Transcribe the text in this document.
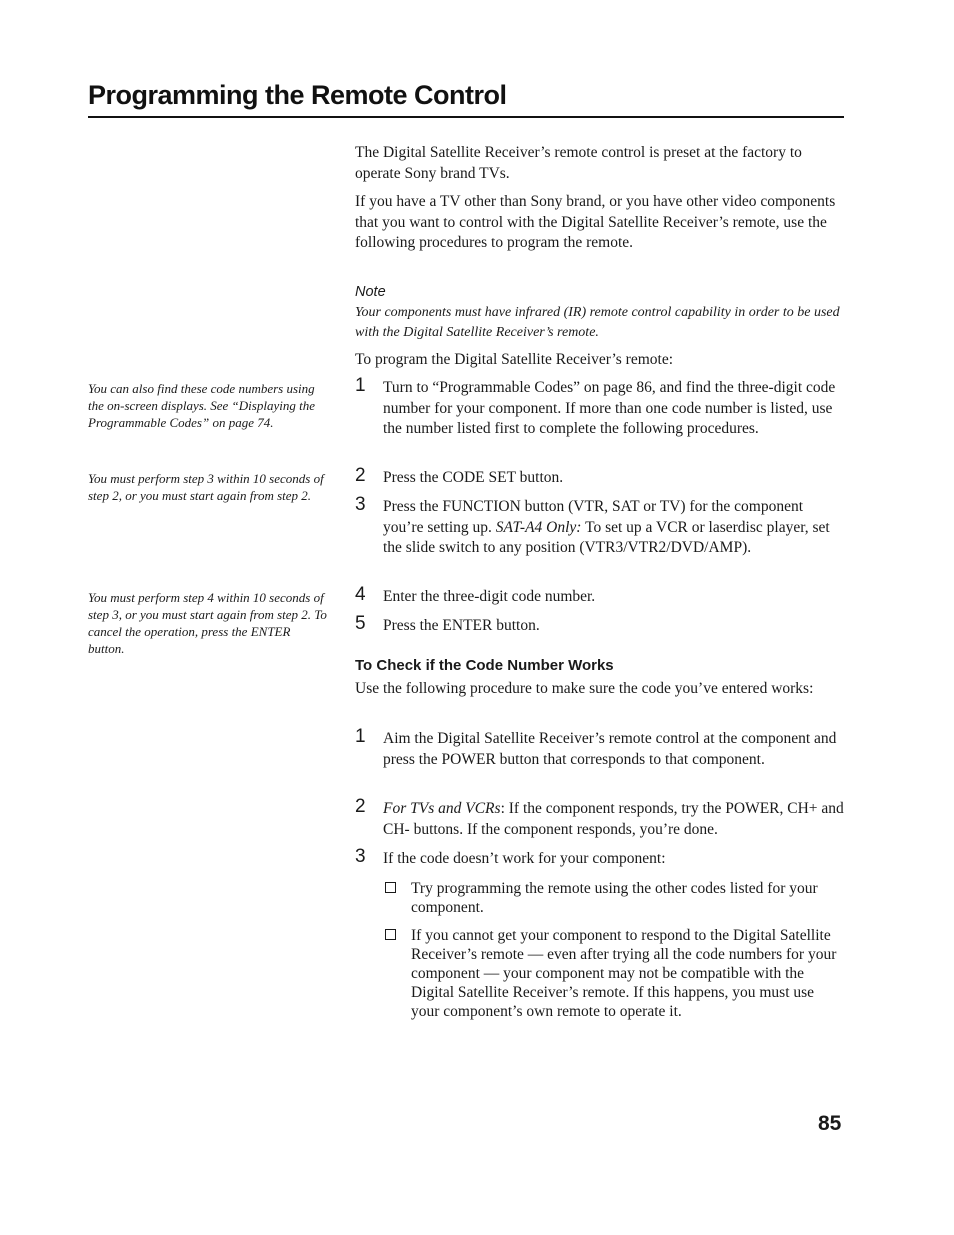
Programming the Remote Control

The Digital Satellite Receiver’s remote control is preset at the factory to operate Sony brand TVs.

If you have a TV other than Sony brand, or you have other video components that you want to control with the Digital Satellite Receiver’s remote, use the following procedures to program the remote.

Note

Your components must have infrared (IR) remote control capability in order to be used with the Digital Satellite Receiver’s remote.

To program the Digital Satellite Receiver’s remote:

1 Turn to “Programmable Codes” on page 86, and find the three-digit code number for your component. If more than one code number is listed, use the number listed first to complete the following procedures.

2 Press the CODE SET button.

3 Press the FUNCTION button (VTR, SAT or TV) for the component you’re setting up. SAT-A4 Only: To set up a VCR or laserdisc player, set the slide switch to any position (VTR3/VTR2/DVD/AMP).

4 Enter the three-digit code number.

5 Press the ENTER button.

To Check if the Code Number Works

Use the following procedure to make sure the code you’ve entered works:

1 Aim the Digital Satellite Receiver’s remote control at the component and press the POWER button that corresponds to that component.

2 For TVs and VCRs: If the component responds, try the POWER, CH+ and CH- buttons. If the component responds, you’re done.

3 If the code doesn’t work for your component:

Try programming the remote using the other codes listed for your component.

If you cannot get your component to respond to the Digital Satellite Receiver’s remote — even after trying all the code numbers for your component — your component may not be compatible with the Digital Satellite Receiver’s remote. If this happens, you must use your component’s own remote to operate it.

You can also find these code numbers using the on-screen displays. See “Displaying the Programmable Codes” on page 74.

You must perform step 3 within 10 seconds of step 2, or you must start again from step 2.

You must perform step 4 within 10 seconds of step 3, or you must start again from step 2. To cancel the operation, press the ENTER button.

85
